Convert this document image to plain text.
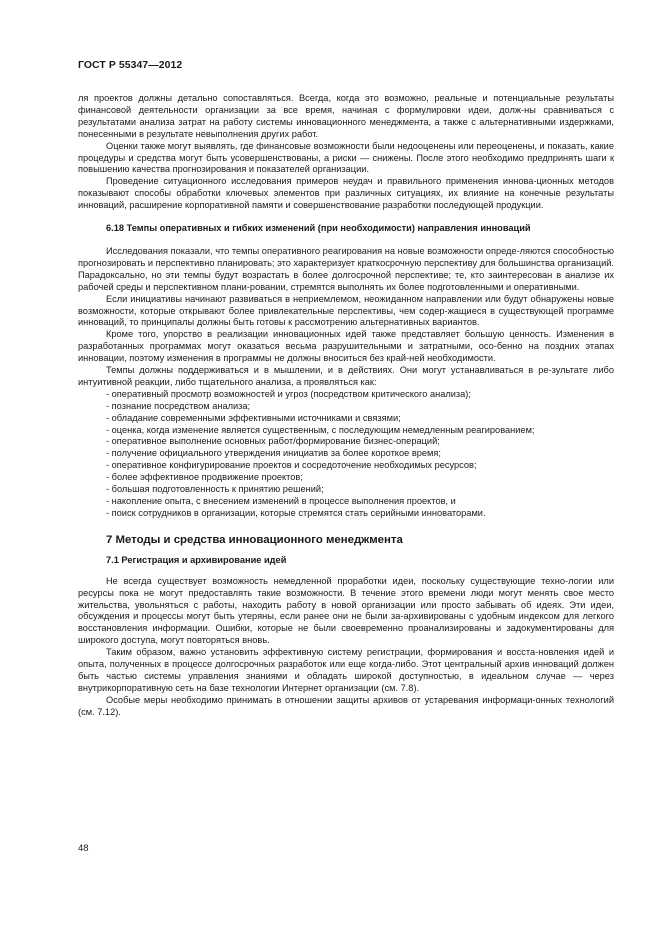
ГОСТ Р 55347—2012

ля проектов должны детально сопоставляться. Всегда, когда это возможно, реальные и потенциальные результаты финансовой деятельности организации за все время, начиная с формулировки идеи, долж-ны сравниваться с результатами анализа затрат на работу системы инновационного менеджмента, а также с альтернативными издержками, понесенными в результате невыполнения других работ.

Оценки также могут выявлять, где финансовые возможности были недооценены или переоценены, и показать, какие процедуры и средства могут быть усовершенствованы, а риски — снижены. После этого необходимо предпринять шаги к повышению качества прогнозирования и показателей организации.

Проведение ситуационного исследования примеров неудач и правильного применения иннова-ционных методов показывают способы обработки ключевых элементов при различных ситуациях, их влияние на конечные результаты инноваций, расширение корпоративной памяти и совершенствование разработки последующей продукции.

6.18 Темпы оперативных и гибких изменений (при необходимости) направления инноваций

Исследования показали, что темпы оперативного реагирования на новые возможности опреде-ляются способностью прогнозировать и перспективно планировать; это характеризует краткосрочную перспективу для большинства организаций. Парадоксально, но эти темпы будут возрастать в более долгосрочной перспективе; те, кто заинтересован в анализе их рабочей среды и перспективном плани-ровании, стремятся выполнять их более подготовленными и оперативными.

Если инициативы начинают развиваться в неприемлемом, неожиданном направлении или будут обнаружены новые возможности, которые открывают более привлекательные перспективы, чем содер-жащиеся в существующей программе инноваций, то принципалы должны быть готовы к рассмотрению альтернативных вариантов.

Кроме того, упорство в реализации инновационных идей также представляет большую ценность. Изменения в разработанных программах могут оказаться весьма разрушительными и затратными, осо-бенно на поздних этапах инновации, поэтому изменения в программы не должны вноситься без край-ней необходимости.

Темпы должны поддерживаться и в мышлении, и в действиях. Они могут устанавливаться в ре-зультате либо интуитивной реакции, либо тщательного анализа, а проявляться как:

- оперативный просмотр возможностей и угроз (посредством критического анализа);

- познание посредством анализа;

- обладание современными эффективными источниками и связями;

- оценка, когда изменение является существенным, с последующим немедленным реагированием;

- оперативное выполнение основных работ/формирование бизнес-операций;

- получение официального утверждения инициатив за более короткое время;

- оперативное конфигурирование проектов и сосредоточение необходимых ресурсов;

- более эффективное продвижение проектов;

- большая подготовленность к принятию решений;

- накопление опыта, с внесением изменений в процессе выполнения проектов, и

- поиск сотрудников в организации, которые стремятся стать серийными инноваторами.

7 Методы и средства инновационного менеджмента
7.1 Регистрация и архивирование идей

Не всегда существует возможность немедленной проработки идеи, поскольку существующие техно-логии или ресурсы пока не могут предоставлять такие возможности. В течение этого времени люди могут менять свое место жительства, увольняться с работы, находить работу в новой организации или просто забывать об идеях. Эти идеи, обсуждения и процессы могут быть утеряны, если ранее они не были за-архивированы с удобным индексом для легкого восстановления информации. Ошибки, которые не были своевременно проанализированы и задокументированы для широкого доступа, могут повторяться вновь.

Таким образом, важно установить эффективную систему регистрации, формирования и восста-новления идей и опыта, полученных в процессе долгосрочных разработок или еще когда-либо. Этот центральный архив инноваций должен быть частью системы управления знаниями и обладать широкой доступностью, в идеальном случае — через внутрикорпоративную сеть на базе технологии Интернет организации (см. 7.8).

Особые меры необходимо принимать в отношении защиты архивов от устаревания информаци-онных технологий (см. 7.12).

48
